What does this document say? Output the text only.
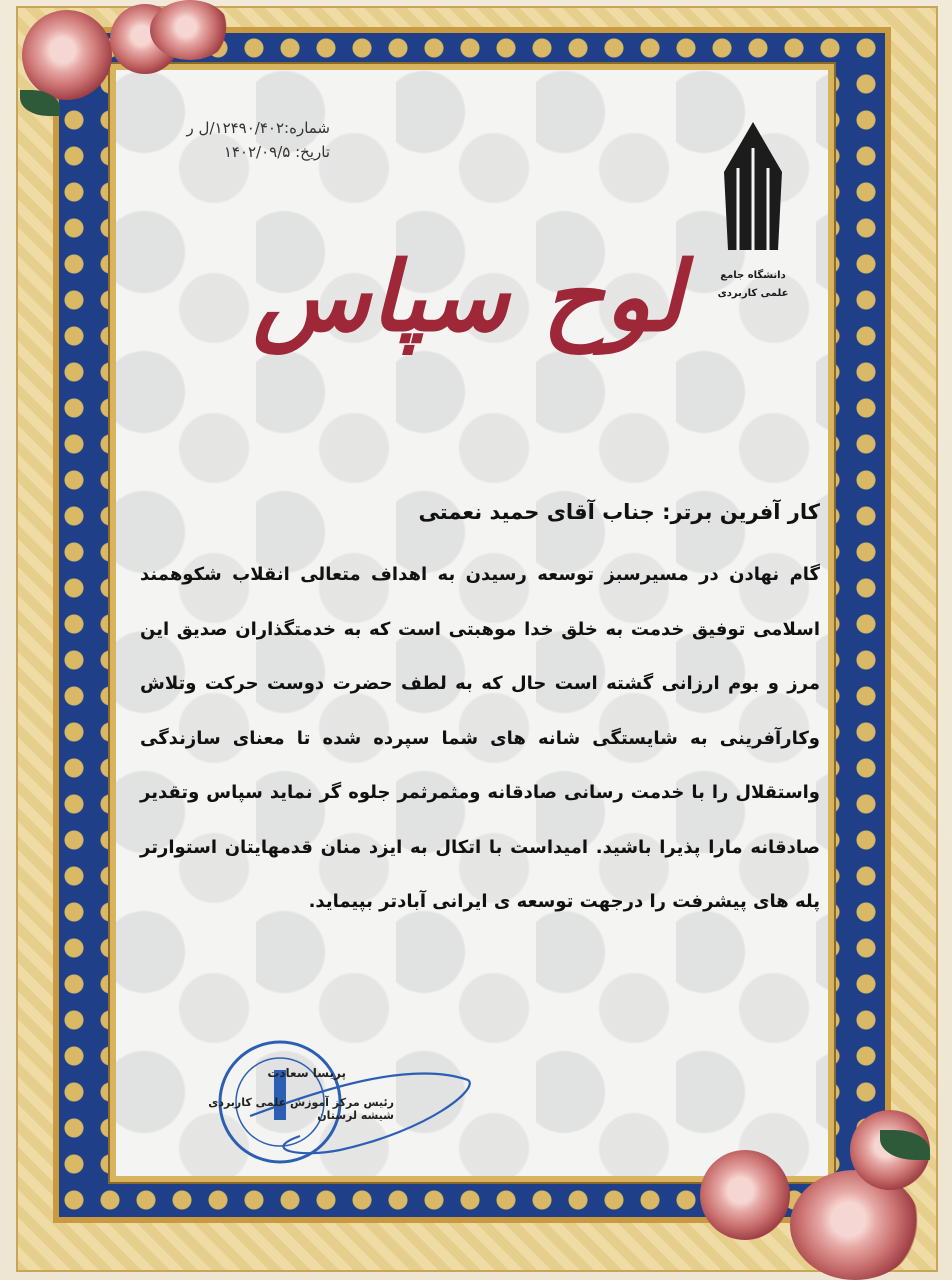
شماره:۱۲۴۹۰/۴۰۲/ل ر
تاریخ: ۱۴۰۲/۰۹/۵
دانشگاه جامع
علمی کاربردی
لوح سپاس
کار آفرین برتر: جناب آقای حمید نعمتی
گام نهادن در مسیرسبز توسعه رسیدن به اهداف متعالی انقلاب شکوهمند اسلامی توفیق خدمت به خلق خدا موهبتی است که به خدمتگذاران صدیق این مرز و بوم ارزانی گشته است حال که به لطف حضرت دوست حرکت وتلاش وکارآفرینی به شایستگی شانه های شما سپرده شده تا معنای سازندگی واستقلال را با خدمت رسانی صادقانه ومثمرثمر جلوه گر نماید سپاس وتقدیر صادقانه مارا پذیرا باشید. امیداست با اتکال به ایزد منان قدمهایتان استوارتر پله های پیشرفت را درجهت توسعه ی ایرانی آبادتر بپیماید.
پریسا سعادت
رئیس مرکز آموزش علمی کاربردی شیشه لرستان
